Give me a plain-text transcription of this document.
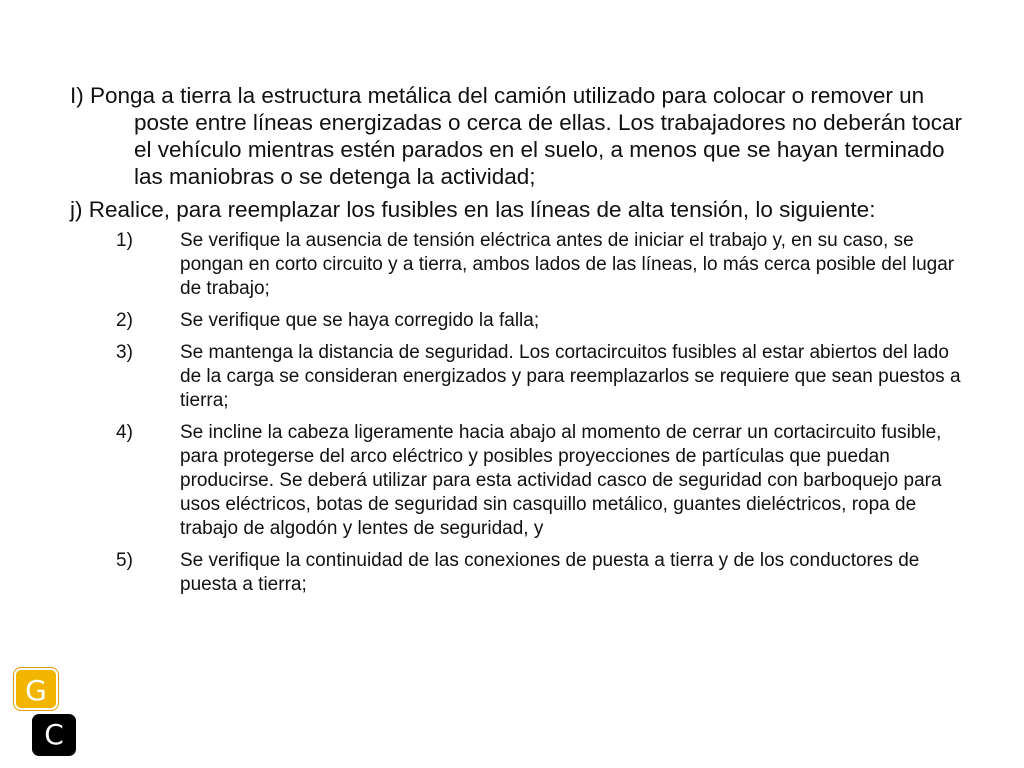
I) Ponga a tierra la estructura metálica del camión utilizado para colocar o remover un poste entre líneas energizadas o cerca de ellas. Los trabajadores no deberán tocar el vehículo mientras estén parados en el suelo, a menos que se hayan terminado las maniobras o se detenga la actividad;

j) Realice, para reemplazar los fusibles en las líneas de alta tensión, lo siguiente:

1) Se verifique la ausencia de tensión eléctrica antes de iniciar el trabajo y, en su caso, se pongan en corto circuito y a tierra, ambos lados de las líneas, lo más cerca posible del lugar de trabajo;
2) Se verifique que se haya corregido la falla;
3) Se mantenga la distancia de seguridad. Los cortacircuitos fusibles al estar abiertos del lado de la carga se consideran energizados y para reemplazarlos se requiere que sean puestos a tierra;
4) Se incline la cabeza ligeramente hacia abajo al momento de cerrar un cortacircuito fusible, para protegerse del arco eléctrico y posibles proyecciones de partículas que puedan producirse. Se deberá utilizar para esta actividad casco de seguridad con barboquejo para usos eléctricos, botas de seguridad sin casquillo metálico, guantes dieléctricos, ropa de trabajo de algodón y lentes de seguridad, y
5) Se verifique la continuidad de las conexiones de puesta a tierra y de los conductores de puesta a tierra;
G
C
